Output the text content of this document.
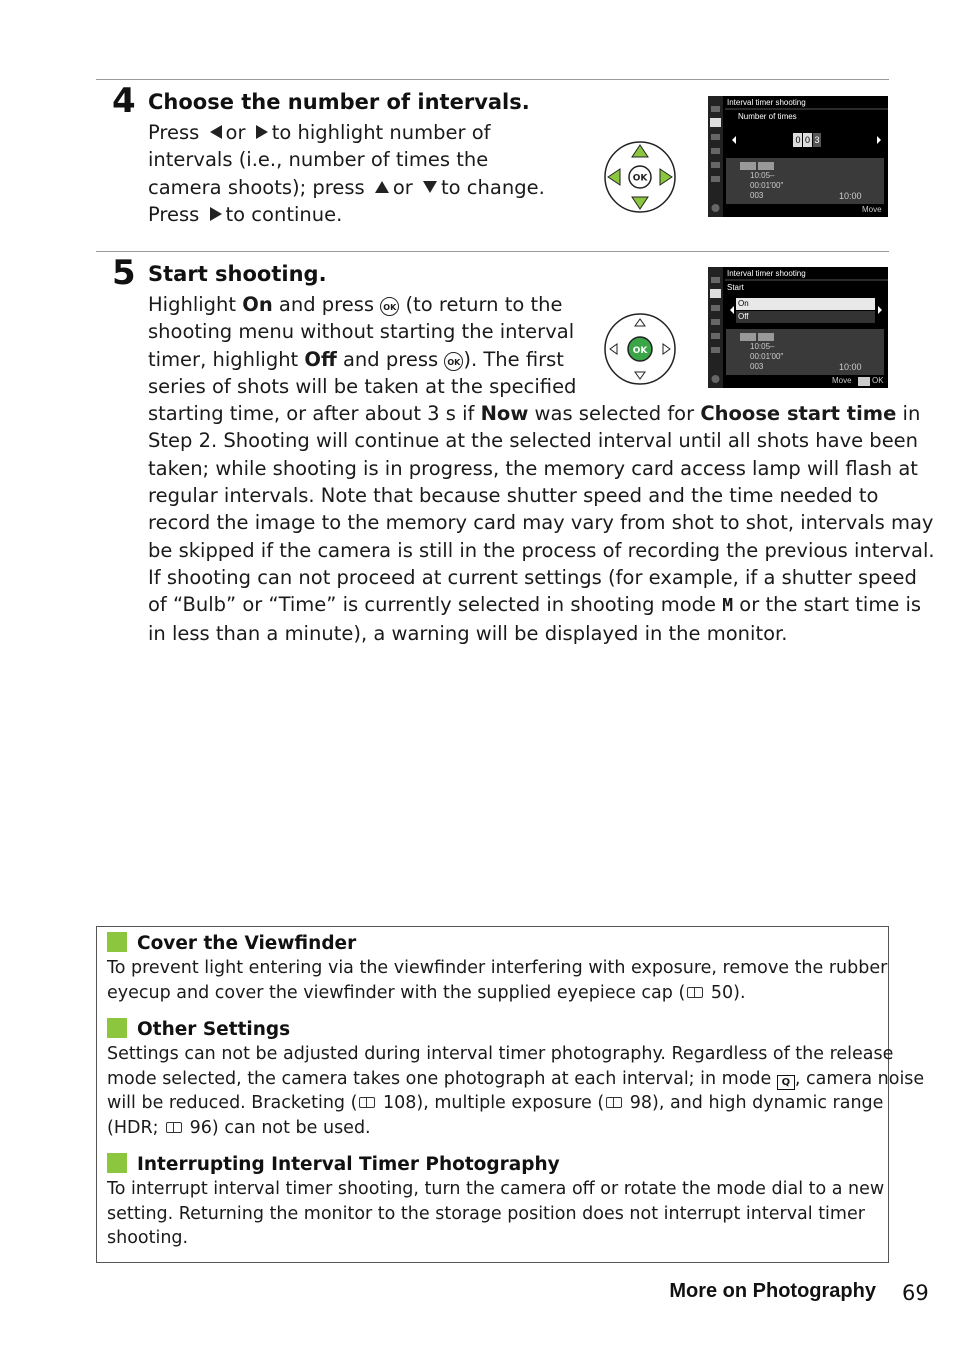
4 Choose the number of intervals.
Press or to highlight number of
intervals (i.e., number of times the
camera shoots); press or to change.
Press to continue.
OK
Interval timer shooting
Number of times
0 0 3
10:05–
00:01′00″
003	10:00
Move
5 Start shooting.
Highlight On and press OK (to return to the
shooting menu without starting the interval
timer, highlight Off and press OK ). The first
series of shots will be taken at the specified
starting time, or after about 3 s if Now was selected for Choose start time in
Step 2. Shooting will continue at the selected interval until all shots have been
taken; while shooting is in progress, the memory card access lamp will flash at
regular intervals. Note that because shutter speed and the time needed to
record the image to the memory card may vary from shot to shot, intervals may
be skipped if the camera is still in the process of recording the previous interval.
If shooting can not proceed at current settings (for example, if a shutter speed
of “Bulb” or “Time” is currently selected in shooting mode M or the start time is
in less than a minute), a warning will be displayed in the monitor.
OK
Interval timer shooting
Start
On
Off
10:05–
00:01′00″
003	10:00
Move	OK
Cover the Viewfinder
To prevent light entering via the viewfinder interfering with exposure, remove the rubber
eyecup and cover the viewfinder with the supplied eyepiece cap ( 50).
Other Settings
Settings can not be adjusted during interval timer photography. Regardless of the release
mode selected, the camera takes one photograph at each interval; in mode Q , camera noise
will be reduced. Bracketing ( 108), multiple exposure ( 98), and high dynamic range
(HDR;  96) can not be used.
Interrupting Interval Timer Photography
To interrupt interval timer shooting, turn the camera off or rotate the mode dial to a new
setting. Returning the monitor to the storage position does not interrupt interval timer
shooting.
More on Photography 69
